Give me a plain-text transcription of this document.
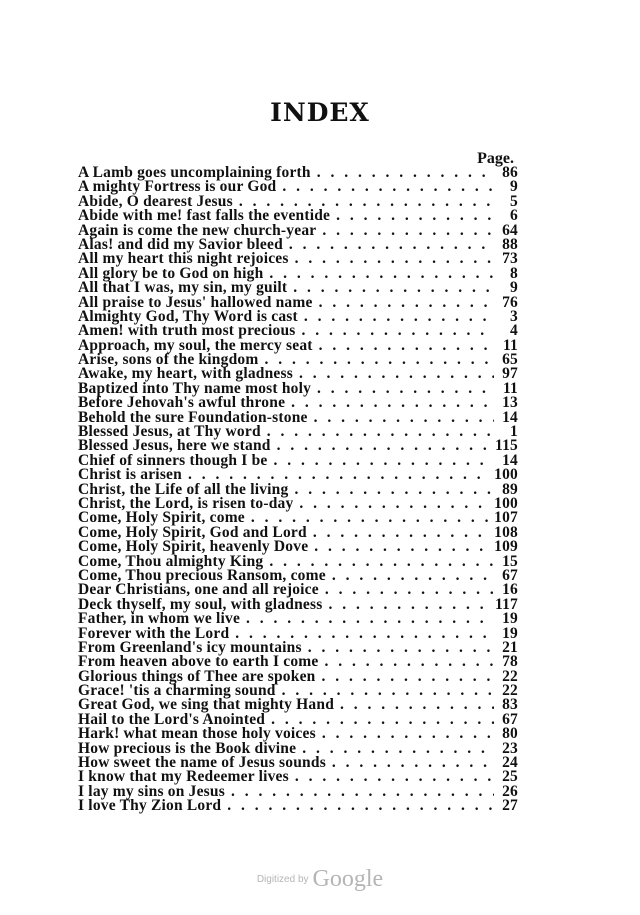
INDEX
Page.
A Lamb goes uncomplaining forth . . .	86
A mighty Fortress is our God . . .	9
Abide, O dearest Jesus . . .	5
Abide with me! fast falls the eventide . . .	6
Again is come the new church-year . . .	64
Alas! and did my Savior bleed . . .	88
All my heart this night rejoices . . .	73
All glory be to God on high . . .	8
All that I was, my sin, my guilt . . .	9
All praise to Jesus' hallowed name . . .	76
Almighty God, Thy Word is cast . . .	3
Amen! with truth most precious . . .	4
Approach, my soul, the mercy seat . . .	11
Arise, sons of the kingdom . . .	65
Awake, my heart, with gladness . . .	97
Baptized into Thy name most holy . . .	11
Before Jehovah's awful throne . . .	13
Behold the sure Foundation-stone . . .	14
Blessed Jesus, at Thy word . . .	1
Blessed Jesus, here we stand . . .	115
Chief of sinners though I be . . .	14
Christ is arisen . . .	100
Christ, the Life of all the living . . .	89
Christ, the Lord, is risen to-day . . .	100
Come, Holy Spirit, come . . .	107
Come, Holy Spirit, God and Lord . . .	108
Come, Holy Spirit, heavenly Dove . . .	109
Come, Thou almighty King . . .	15
Come, Thou precious Ransom, come . . .	67
Dear Christians, one and all rejoice . . .	16
Deck thyself, my soul, with gladness . . .	117
Father, in whom we live . . .	19
Forever with the Lord . . .	19
From Greenland's icy mountains . . .	21
From heaven above to earth I come . . .	78
Glorious things of Thee are spoken . . .	22
Grace! 'tis a charming sound . . .	22
Great God, we sing that mighty Hand . . .	83
Hail to the Lord's Anointed . . .	67
Hark! what mean those holy voices . . .	80
How precious is the Book divine . . .	23
How sweet the name of Jesus sounds . . .	24
I know that my Redeemer lives . . .	25
I lay my sins on Jesus . . .	26
I love Thy Zion Lord . . .	27
Digitized by Google
